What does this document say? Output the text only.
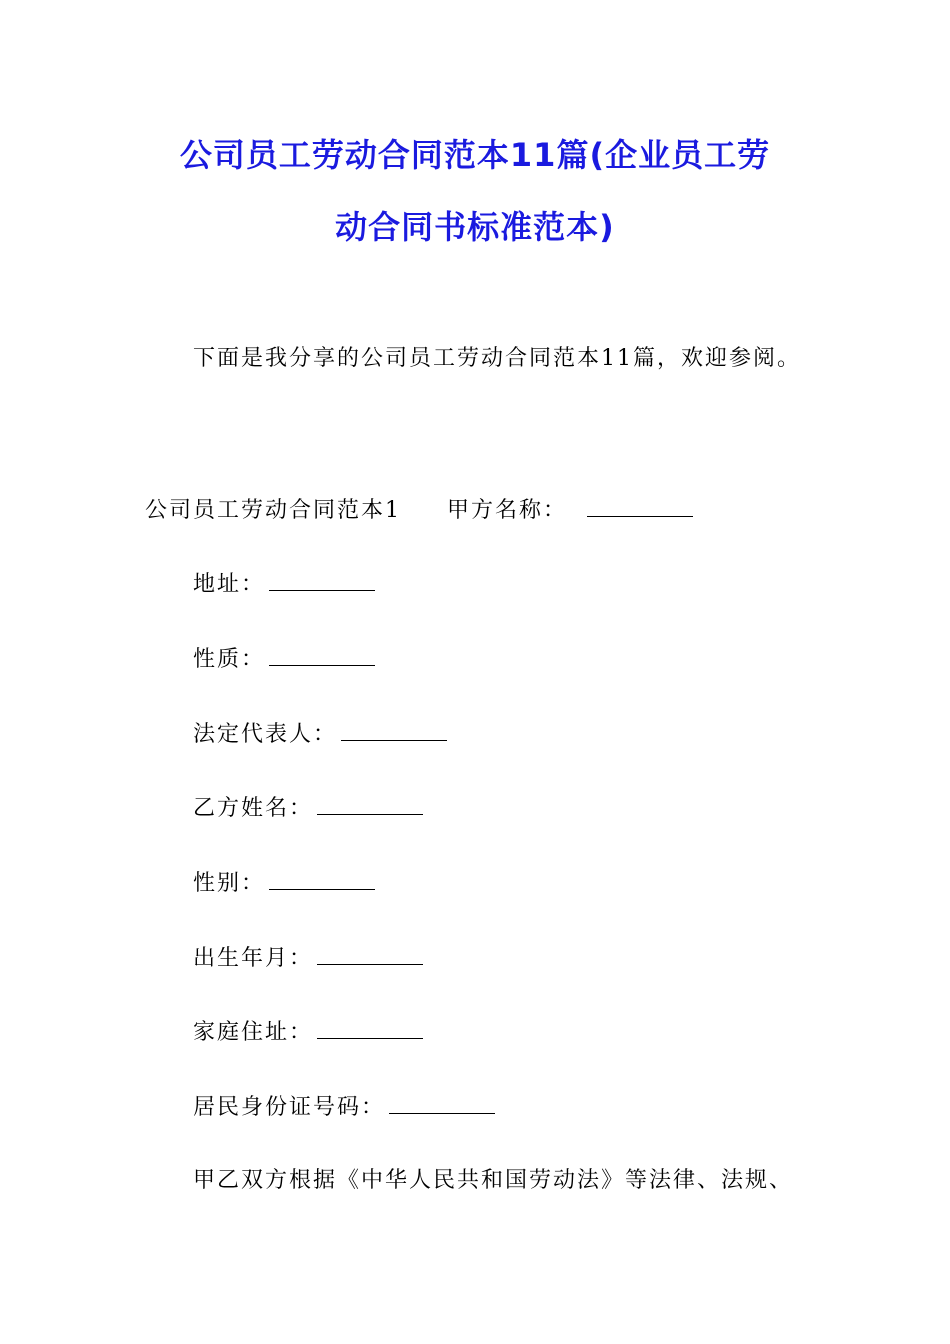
公司员工劳动合同范本11篇(企业员工劳
动合同书标准范本)
下面是我分享的公司员工劳动合同范本11篇，欢迎参阅。
公司员工劳动合同范本1 甲方名称：
地址：
性质：
法定代表人：
乙方姓名：
性别：
出生年月：
家庭住址：
居民身份证号码：
甲乙双方根据《中华人民共和国劳动法》等法律、法规、
